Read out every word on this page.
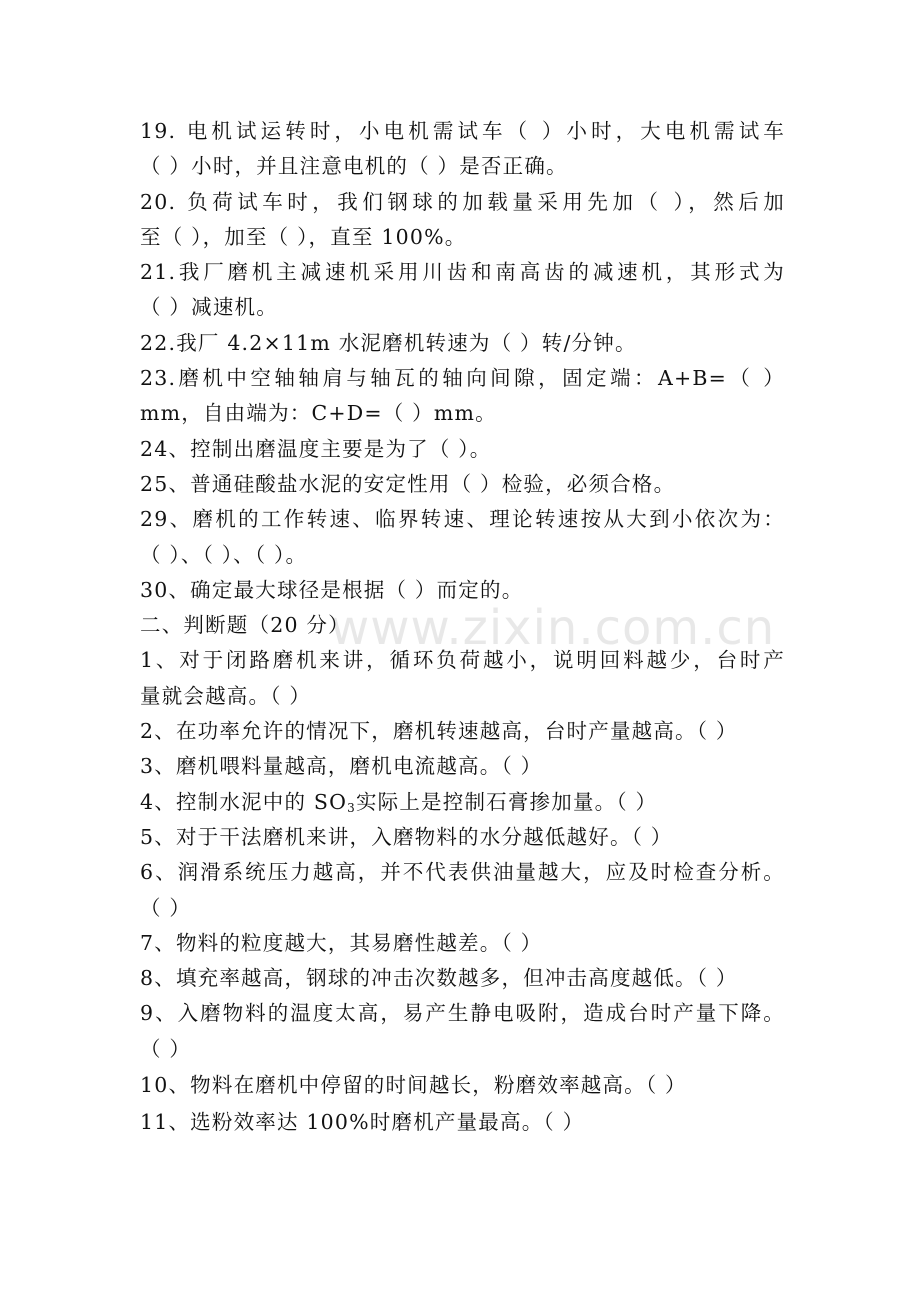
www.zixin.com.cn
19. 电机试运转时，小电机需试车（ ）小时，大电机需试车
（ ）小时，并且注意电机的（ ）是否正确。
20. 负荷试车时，我们钢球的加载量采用先加（ ），然后加
至（ ），加至（ ），直至 100%。
21.我厂磨机主减速机采用川齿和南高齿的减速机，其形式为
（ ）减速机。
22.我厂 4.2×11m 水泥磨机转速为（ ）转/分钟。
23.磨机中空轴轴肩与轴瓦的轴向间隙，固定端：A+B=（ ）
mm，自由端为：C+D=（ ）mm。
24、控制出磨温度主要是为了（ ）。
25、普通硅酸盐水泥的安定性用（ ）检验，必须合格。
29、磨机的工作转速、临界转速、理论转速按从大到小依次为：
（ ）、（ ）、（ ）。
30、确定最大球径是根据（ ）而定的。
二、判断题（20 分）
1、对于闭路磨机来讲，循环负荷越小，说明回料越少，台时产
量就会越高。（ ）
2、在功率允许的情况下，磨机转速越高，台时产量越高。（ ）
3、磨机喂料量越高，磨机电流越高。（ ）
4、控制水泥中的 $SO_3$实际上是控制石膏掺加量。（ ）
5、对于干法磨机来讲，入磨物料的水分越低越好。（ ）
6、润滑系统压力越高，并不代表供油量越大，应及时检查分析。
（ ）
7、物料的粒度越大，其易磨性越差。（ ）
8、填充率越高，钢球的冲击次数越多，但冲击高度越低。（ ）
9、入磨物料的温度太高，易产生静电吸附，造成台时产量下降。
（ ）
10、物料在磨机中停留的时间越长，粉磨效率越高。（ ）
11、选粉效率达 100%时磨机产量最高。（ ）
